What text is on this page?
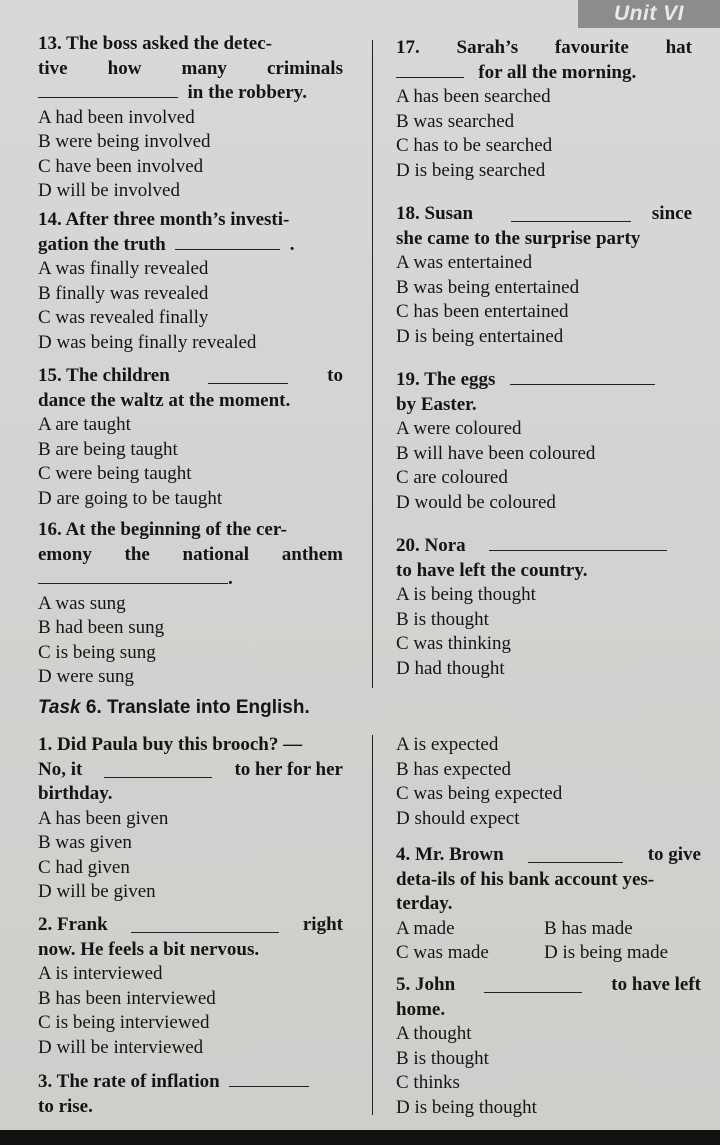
Unit VI
13. The boss asked the detec-
tive how many criminals
in the robbery.
A had been involved
B were being involved
C have been involved
D will be involved
14. After three month’s investi-
gation the truth	.
A was finally revealed
B finally was revealed
C was revealed finally
D was being finally revealed
15. The children	to
dance the waltz at the moment.
A are taught
B are being taught
C were being taught
D are going to be taught
16. At the beginning of the cer-
emony the national anthem
.
A was sung
B had been sung
C is being sung
D were sung
17. Sarah’s favourite hat
for all the morning.
A has been searched
B was searched
C has to be searched
D is being searched
18. Susan	since
she came to the surprise party
A was entertained
B was being entertained
C has been entertained
D is being entertained
19. The eggs
by Easter.
A were coloured
B will have been coloured
C are coloured
D would be coloured
20. Nora
to have left the country.
A is being thought
B is thought
C was thinking
D had thought
Task 6. Translate into English.
1. Did Paula buy this brooch? —
No, it	to her for her
birthday.
A has been given
B was given
C had given
D will be given
2. Frank	right
now. He feels a bit nervous.
A is interviewed
B has been interviewed
C is being interviewed
D will be interviewed
3. The rate of inflation
to rise.
A is expected
B has expected
C was being expected
D should expect
4. Mr. Brown	to give
deta-ils of his bank account yes-
terday.
A made	B has made
C was made	D is being made
5. John	to have left
home.
A thought
B is thought
C thinks
D is being thought
